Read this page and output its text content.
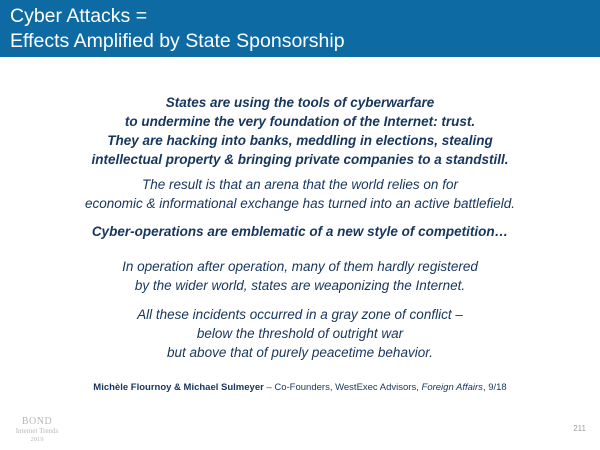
Cyber Attacks =
Effects Amplified by State Sponsorship
States are using the tools of cyberwarfare
to undermine the very foundation of the Internet: trust.
They are hacking into banks, meddling in elections, stealing
intellectual property & bringing private companies to a standstill.
The result is that an arena that the world relies on for
economic & informational exchange has turned into an active battlefield.
Cyber-operations are emblematic of a new style of competition…
In operation after operation, many of them hardly registered
by the wider world, states are weaponizing the Internet.
All these incidents occurred in a gray zone of conflict –
below the threshold of outright war
but above that of purely peacetime behavior.
Michèle Flournoy & Michael Sulmeyer – Co-Founders, WestExec Advisors, Foreign Affairs, 9/18
BOND
Internet Trends
2019
211
